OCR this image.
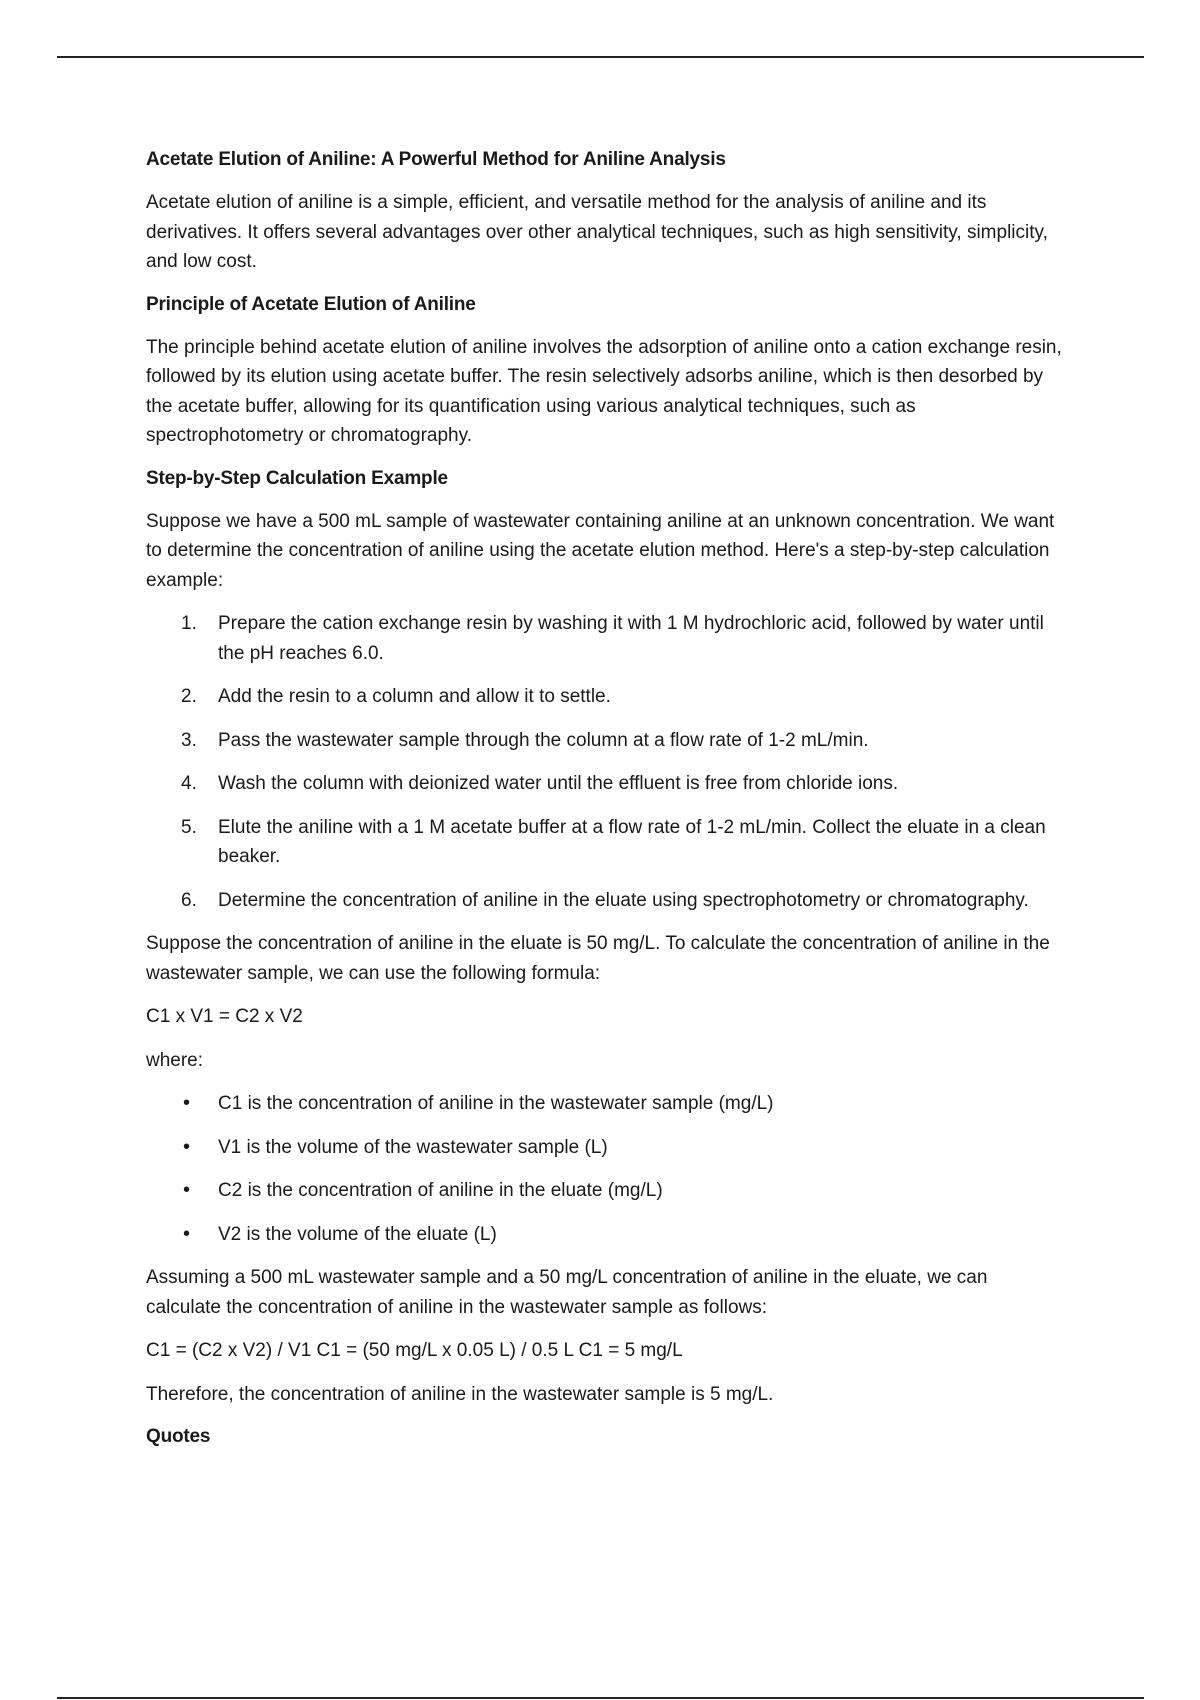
Acetate Elution of Aniline: A Powerful Method for Aniline Analysis

Acetate elution of aniline is a simple, efficient, and versatile method for the analysis of aniline and its derivatives. It offers several advantages over other analytical techniques, such as high sensitivity, simplicity, and low cost.

Principle of Acetate Elution of Aniline

The principle behind acetate elution of aniline involves the adsorption of aniline onto a cation exchange resin, followed by its elution using acetate buffer. The resin selectively adsorbs aniline, which is then desorbed by the acetate buffer, allowing for its quantification using various analytical techniques, such as spectrophotometry or chromatography.

Step-by-Step Calculation Example

Suppose we have a 500 mL sample of wastewater containing aniline at an unknown concentration. We want to determine the concentration of aniline using the acetate elution method. Here's a step-by-step calculation example:

1. Prepare the cation exchange resin by washing it with 1 M hydrochloric acid, followed by water until the pH reaches 6.0.
2. Add the resin to a column and allow it to settle.
3. Pass the wastewater sample through the column at a flow rate of 1-2 mL/min.
4. Wash the column with deionized water until the effluent is free from chloride ions.
5. Elute the aniline with a 1 M acetate buffer at a flow rate of 1-2 mL/min. Collect the eluate in a clean beaker.
6. Determine the concentration of aniline in the eluate using spectrophotometry or chromatography.

Suppose the concentration of aniline in the eluate is 50 mg/L. To calculate the concentration of aniline in the wastewater sample, we can use the following formula:

C1 x V1 = C2 x V2

where:

• C1 is the concentration of aniline in the wastewater sample (mg/L)
• V1 is the volume of the wastewater sample (L)
• C2 is the concentration of aniline in the eluate (mg/L)
• V2 is the volume of the eluate (L)

Assuming a 500 mL wastewater sample and a 50 mg/L concentration of aniline in the eluate, we can calculate the concentration of aniline in the wastewater sample as follows:

C1 = (C2 x V2) / V1 C1 = (50 mg/L x 0.05 L) / 0.5 L C1 = 5 mg/L

Therefore, the concentration of aniline in the wastewater sample is 5 mg/L.

Quotes
